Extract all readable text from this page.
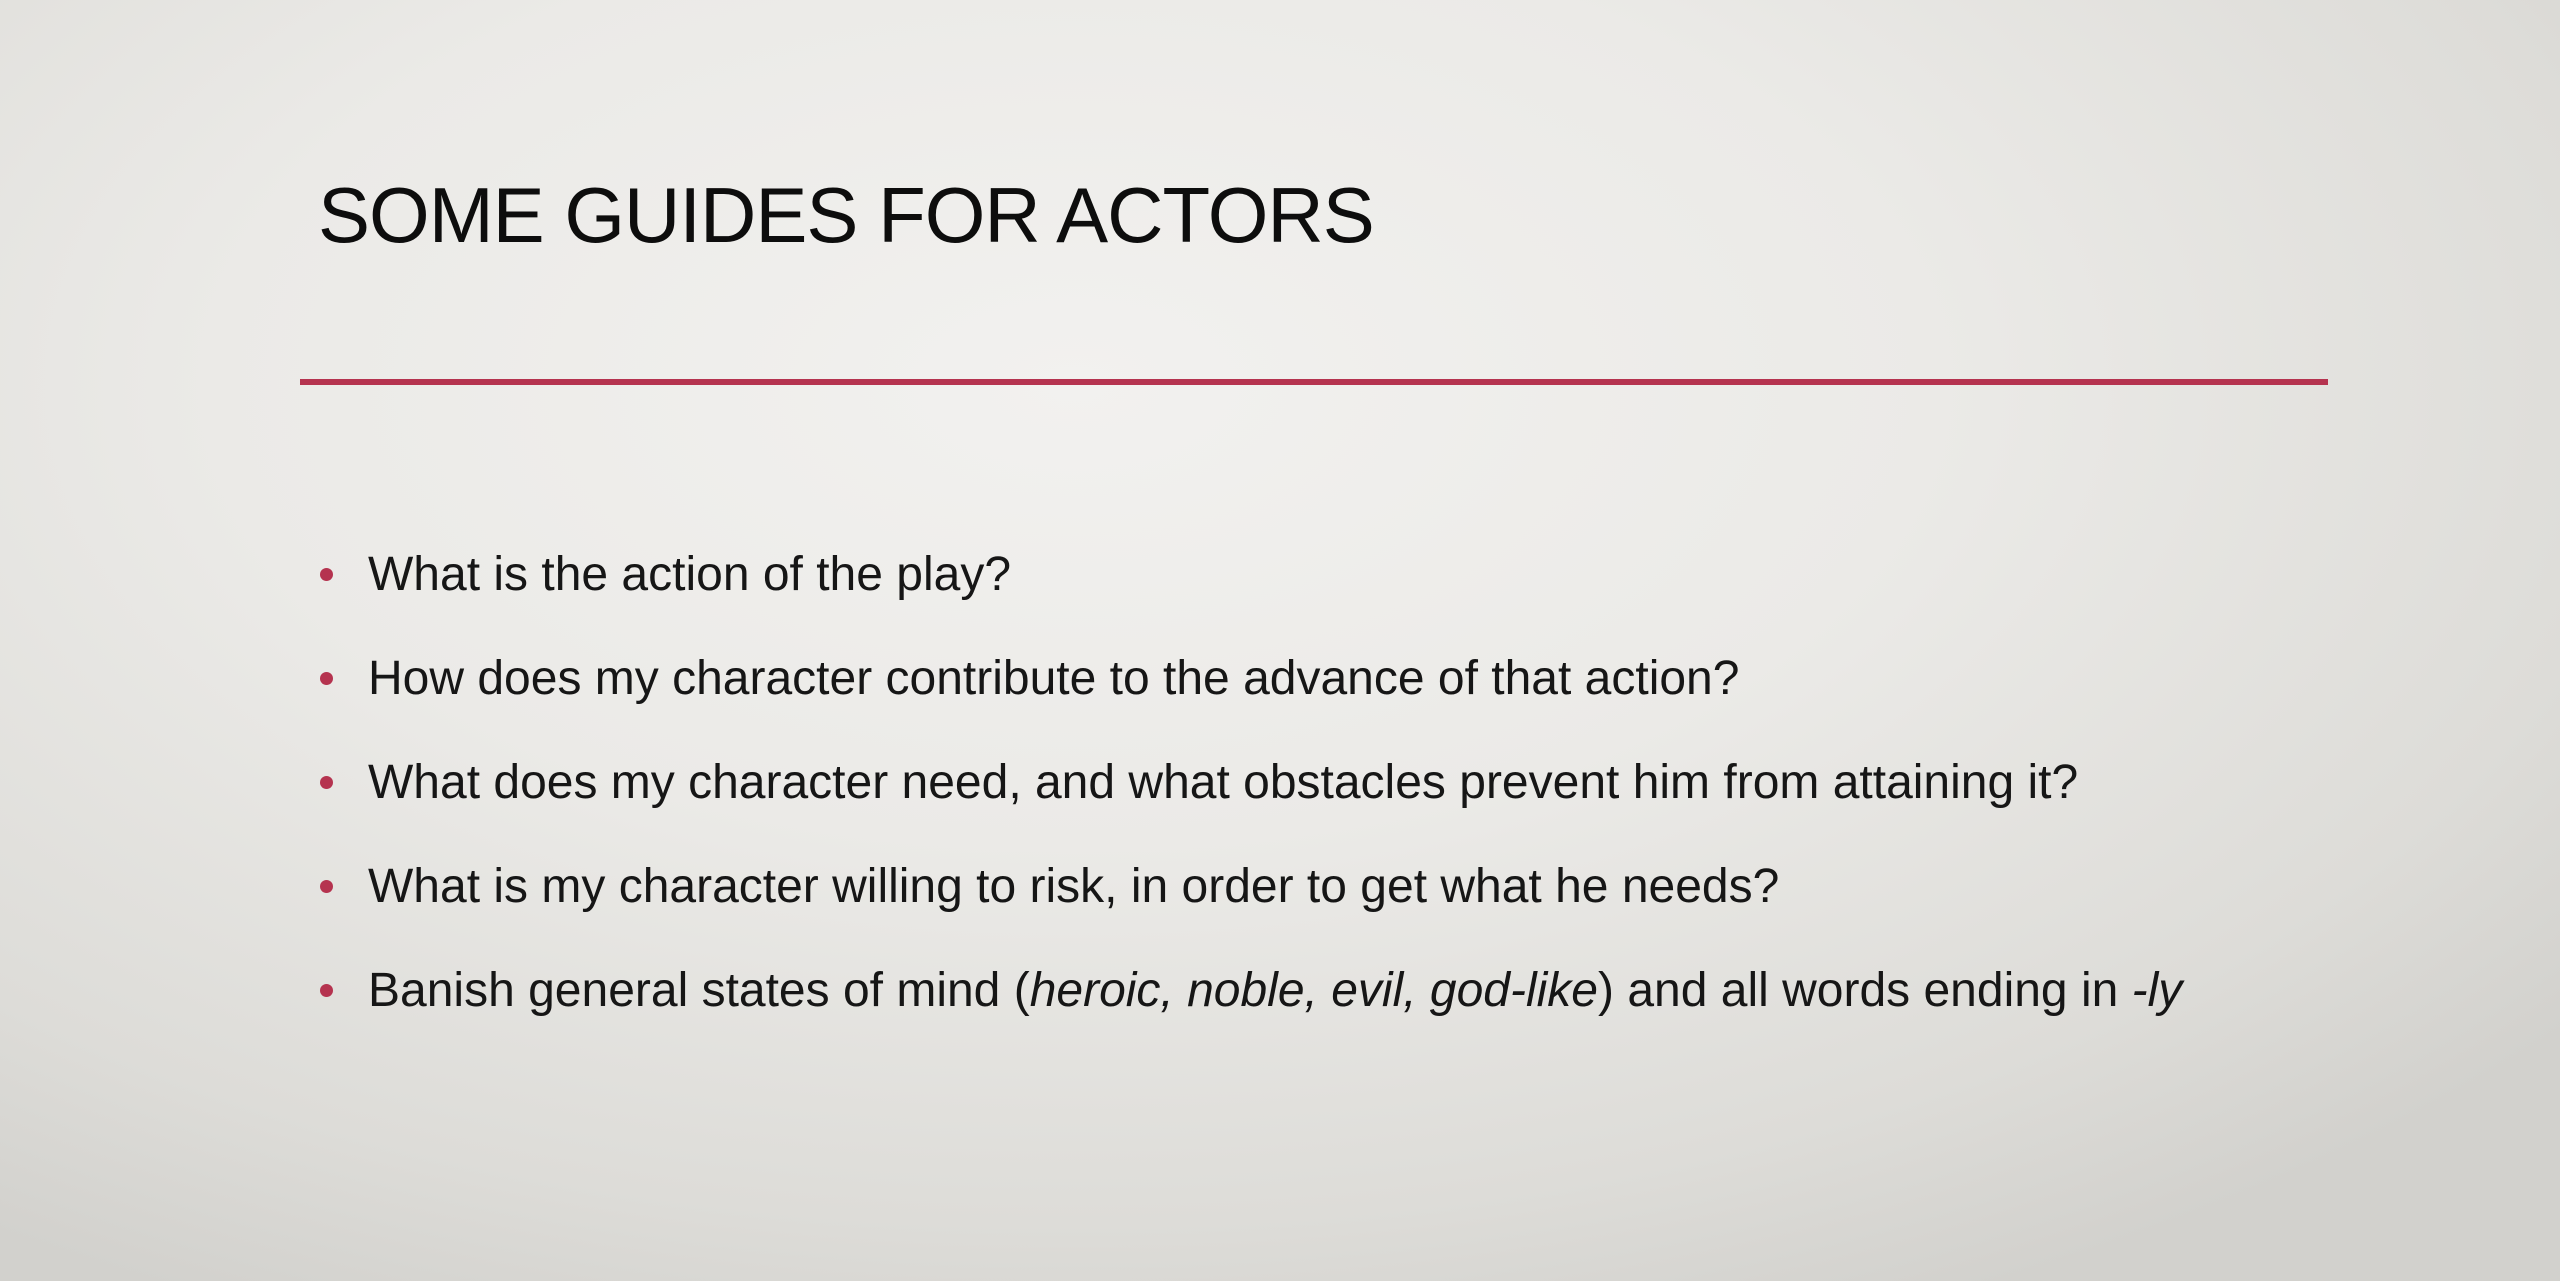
SOME GUIDES FOR ACTORS
What is the action of the play?
How does my character contribute to the advance of that action?
What does my character need, and what obstacles prevent him from attaining it?
What is my character willing to risk, in order to get what he needs?
Banish general states of mind (heroic, noble, evil, god-like) and all words ending in -ly
